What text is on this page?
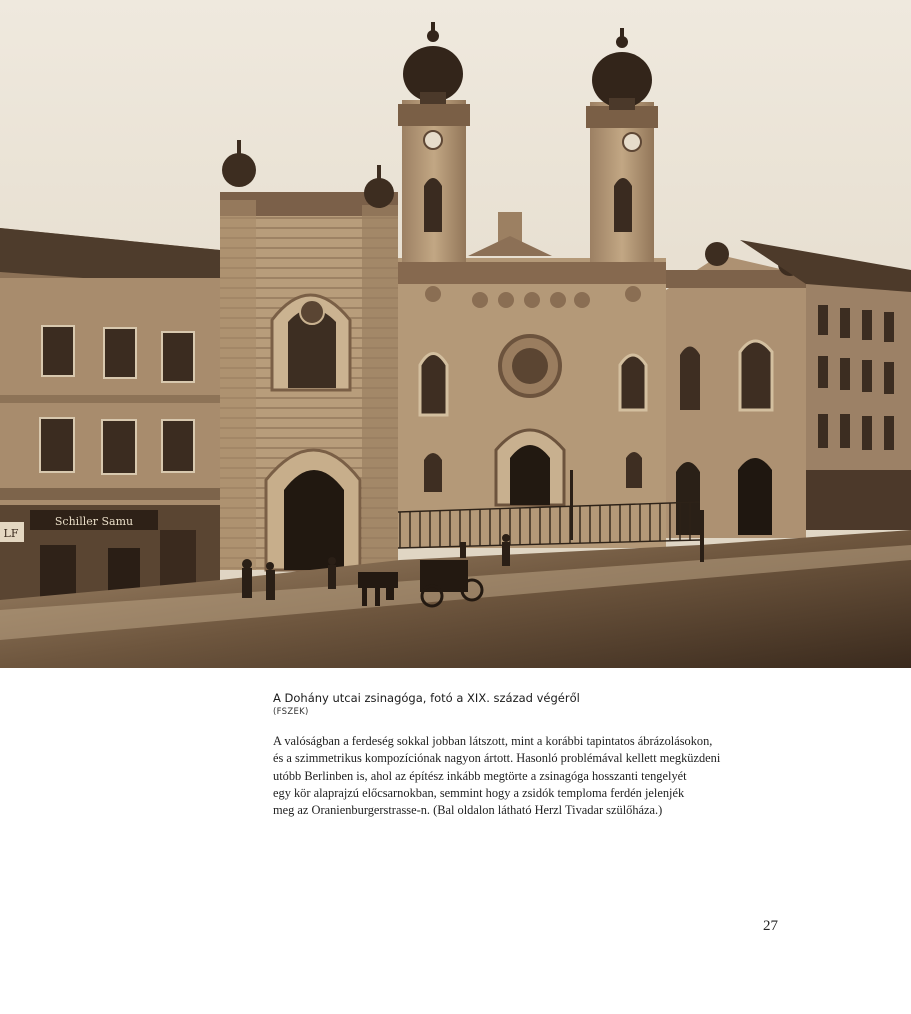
Schiller Samu
LF

A Dohány utcai zsinagóga, fotó a XIX. század végéről

(FSZEK)

A valóságban a ferdeség sokkal jobban látszott, mint a korábbi tapintatos ábrázolásokon,
és a szimmetrikus kompozíciónak nagyon ártott. Hasonló problémával kellett megküzdeni
utóbb Berlinben is, ahol az építész inkább megtörte a zsinagóga hosszanti tengelyét
egy kör alaprajzú előcsarnokban, semmint hogy a zsidók temploma ferdén jelenjék
meg az Oranienburgerstrasse-n. (Bal oldalon látható Herzl Tivadar szülőháza.)
27
